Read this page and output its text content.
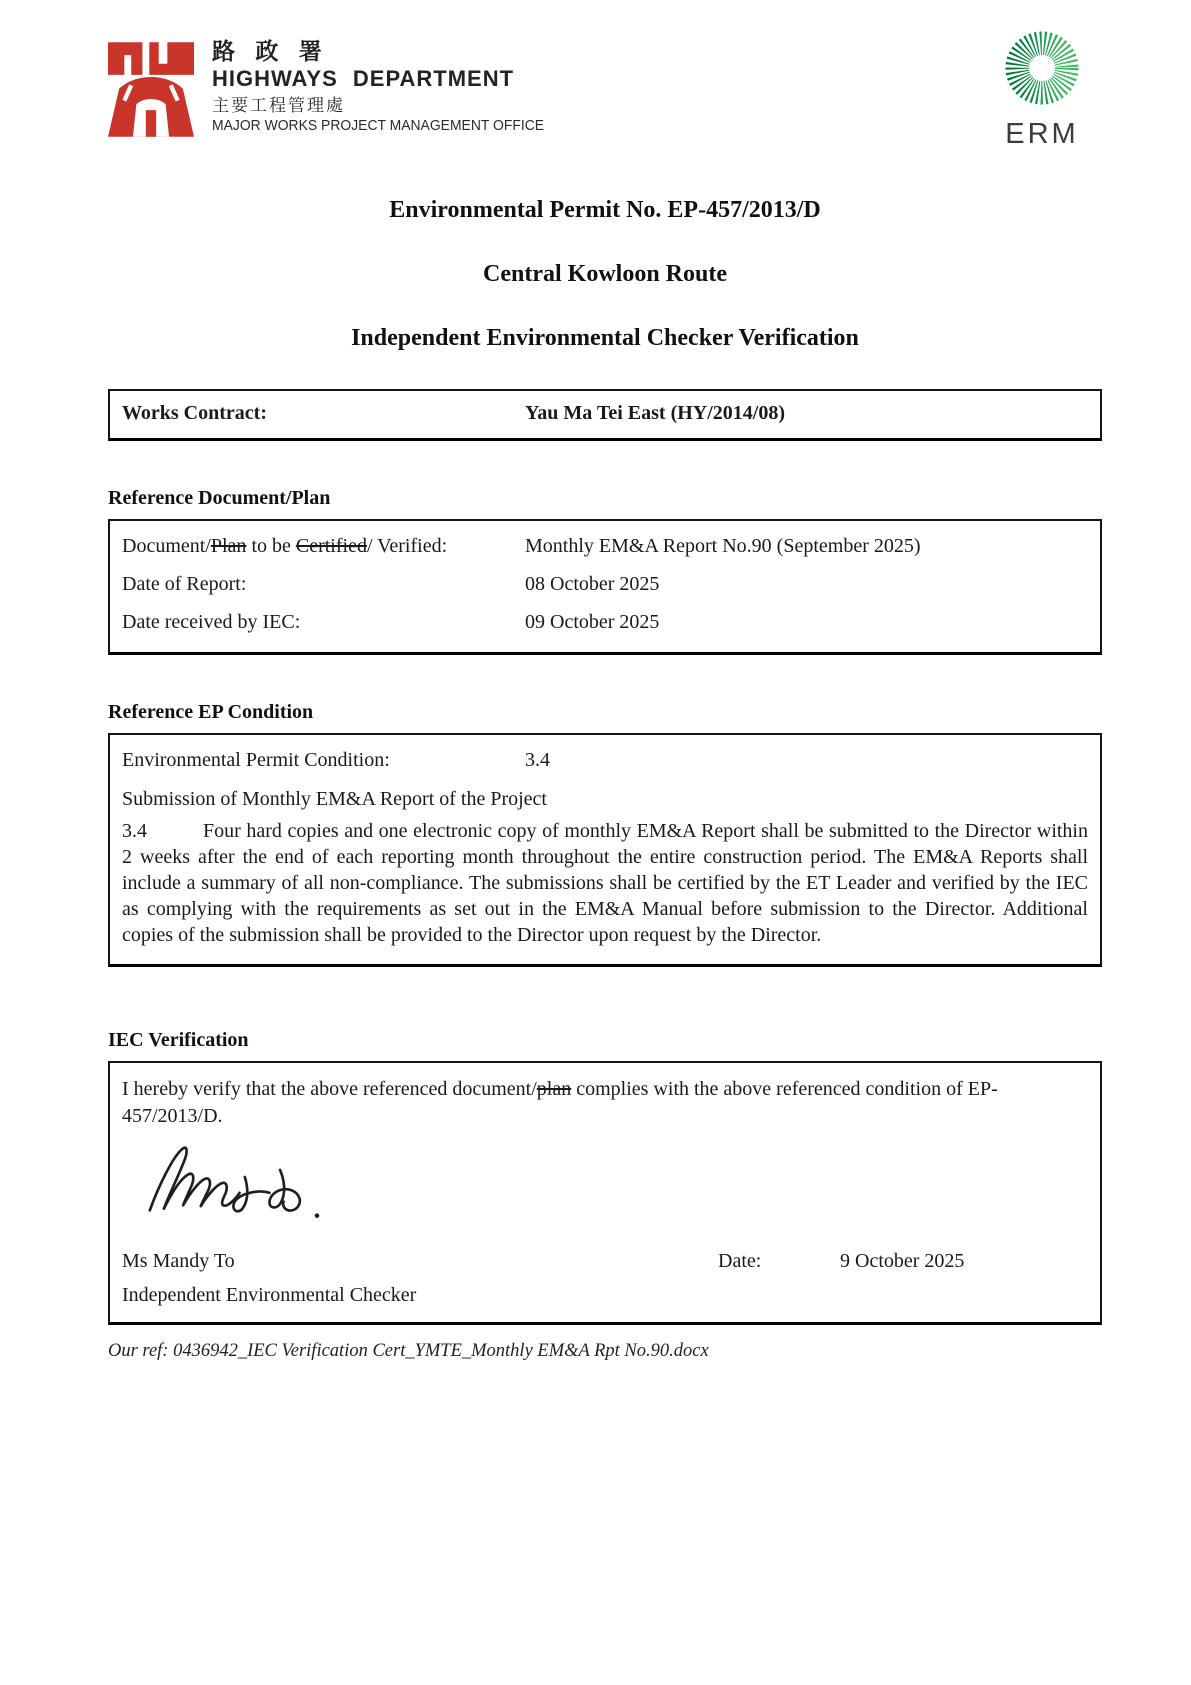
路 政 署
HIGHWAYS DEPARTMENT
主要工程管理處
MAJOR WORKS PROJECT MANAGEMENT OFFICE	ERM
Environmental Permit No. EP-457/2013/D
Central Kowloon Route
Independent Environmental Checker Verification
Works Contract:	Yau Ma Tei East (HY/2014/08)
Reference Document/Plan
Document/Plan to be Certified/ Verified:	Monthly EM&A Report No.90 (September 2025)
Date of Report:	08 October 2025
Date received by IEC:	09 October 2025
Reference EP Condition
Environmental Permit Condition:	3.4
Submission of Monthly EM&A Report of the Project
3.4	Four hard copies and one electronic copy of monthly EM&A Report shall be submitted to the Director within 2 weeks after the end of each reporting month throughout the entire construction period. The EM&A Reports shall include a summary of all non-compliance. The submissions shall be certified by the ET Leader and verified by the IEC as complying with the requirements as set out in the EM&A Manual before submission to the Director. Additional copies of the submission shall be provided to the Director upon request by the Director.
IEC Verification
I hereby verify that the above referenced document/plan complies with the above referenced condition of EP-457/2013/D.
Ms Mandy To	Date:	9 October 2025
Independent Environmental Checker
Our ref: 0436942_IEC Verification Cert_YMTE_Monthly EM&A Rpt No.90.docx
